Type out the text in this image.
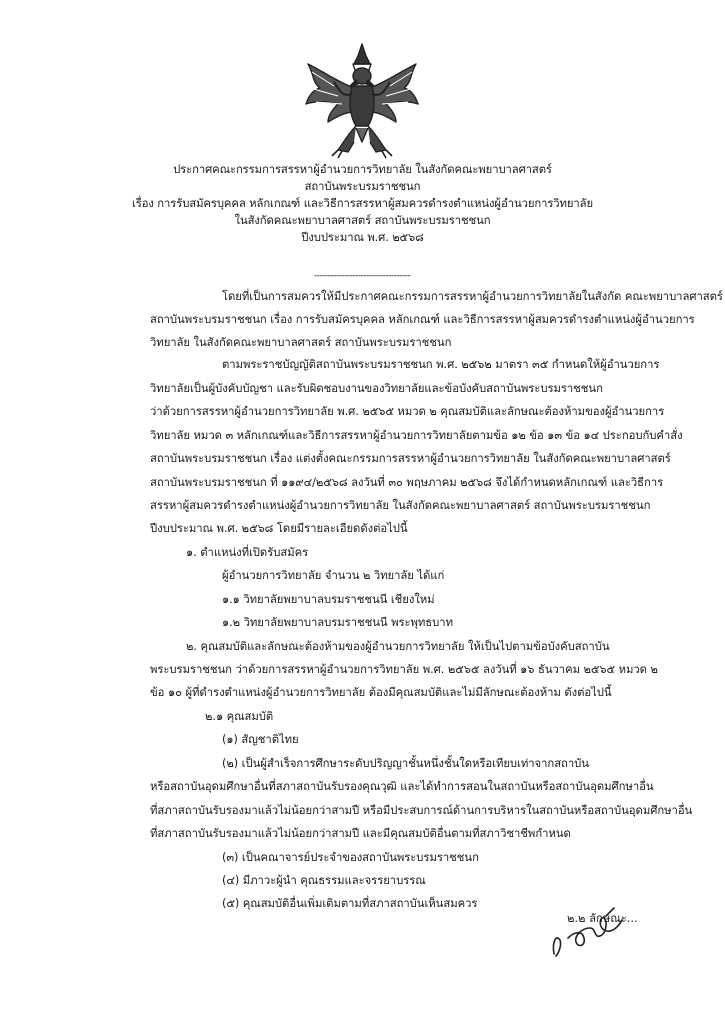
ประกาศคณะกรรมการสรรหาผู้อำนวยการวิทยาลัย ในสังกัดคณะพยาบาลศาสตร์
สถาบันพระบรมราชชนก
เรื่อง การรับสมัครบุคคล หลักเกณฑ์ และวิธีการสรรหาผู้สมควรดำรงตำแหน่งผู้อำนวยการวิทยาลัย
ในสังกัดคณะพยาบาลศาสตร์ สถาบันพระบรมราชชนก
ปีงบประมาณ พ.ศ. ๒๕๖๘
-----------------------------------
โดยที่เป็นการสมควรให้มีประกาศคณะกรรมการสรรหาผู้อำนวยการวิทยาลัยในสังกัด คณะพยาบาลศาสตร์
สถาบันพระบรมราชชนก เรื่อง การรับสมัครบุคคล หลักเกณฑ์ และวิธีการสรรหาผู้สมควรดำรงตำแหน่งผู้อำนวยการ
วิทยาลัย ในสังกัดคณะพยาบาลศาสตร์ สถาบันพระบรมราชชนก
ตามพระราชบัญญัติสถาบันพระบรมราชชนก พ.ศ. ๒๕๖๒ มาตรา ๓๕ กำหนดให้ผู้อำนวยการ
วิทยาลัยเป็นผู้บังคับบัญชา และรับผิดชอบงานของวิทยาลัยและข้อบังคับสถาบันพระบรมราชชนก
ว่าด้วยการสรรหาผู้อำนวยการวิทยาลัย พ.ศ. ๒๕๖๕ หมวด ๒ คุณสมบัติและลักษณะต้องห้ามของผู้อำนวยการ
วิทยาลัย หมวด ๓ หลักเกณฑ์และวิธีการสรรหาผู้อำนวยการวิทยาลัยตามข้อ ๑๒ ข้อ ๑๓ ข้อ ๑๔ ประกอบกับคำสั่ง
สถาบันพระบรมราชชนก เรื่อง แต่งตั้งคณะกรรมการสรรหาผู้อำนวยการวิทยาลัย ในสังกัดคณะพยาบาลศาสตร์
สถาบันพระบรมราชชนก ที่ ๑๑๙๔/๒๕๖๘ ลงวันที่ ๓๐ พฤษภาคม ๒๕๖๘ จึงได้กำหนดหลักเกณฑ์ และวิธีการ
สรรหาผู้สมควรดำรงตำแหน่งผู้อำนวยการวิทยาลัย ในสังกัดคณะพยาบาลศาสตร์ สถาบันพระบรมราชชนก
ปีงบประมาณ พ.ศ. ๒๕๖๘ โดยมีรายละเอียดดังต่อไปนี้
๑. ตำแหน่งที่เปิดรับสมัคร
ผู้อำนวยการวิทยาลัย จำนวน ๒ วิทยาลัย ได้แก่
๑.๑ วิทยาลัยพยาบาลบรมราชชนนี เชียงใหม่
๑.๒ วิทยาลัยพยาบาลบรมราชชนนี พระพุทธบาท
๒. คุณสมบัติและลักษณะต้องห้ามของผู้อำนวยการวิทยาลัย ให้เป็นไปตามข้อบังคับสถาบัน
พระบรมราชชนก ว่าด้วยการสรรหาผู้อำนวยการวิทยาลัย พ.ศ. ๒๕๖๕ ลงวันที่ ๑๖ ธันวาคม ๒๕๖๕ หมวด ๒
ข้อ ๑๐ ผู้ที่ดำรงตำแหน่งผู้อำนวยการวิทยาลัย ต้องมีคุณสมบัติและไม่มีลักษณะต้องห้าม ดังต่อไปนี้
๒.๑ คุณสมบัติ
(๑) สัญชาติไทย
(๒) เป็นผู้สำเร็จการศึกษาระดับปริญญาชั้นหนึ่งชั้นใดหรือเทียบเท่าจากสถาบัน
หรือสถาบันอุดมศึกษาอื่นที่สภาสถาบันรับรองคุณวุฒิ และได้ทำการสอนในสถาบันหรือสถาบันอุดมศึกษาอื่น
ที่สภาสถาบันรับรองมาแล้วไม่น้อยกว่าสามปี หรือมีประสบการณ์ด้านการบริหารในสถาบันหรือสถาบันอุดมศึกษาอื่น
ที่สภาสถาบันรับรองมาแล้วไม่น้อยกว่าสามปี และมีคุณสมบัติอื่นตามที่สภาวิชาชีพกำหนด
(๓) เป็นคณาจารย์ประจำของสถาบันพระบรมราชชนก
(๔) มีภาวะผู้นำ คุณธรรมและจรรยาบรรณ
(๕) คุณสมบัติอื่นเพิ่มเติมตามที่สภาสถาบันเห็นสมควร
๒.๒ ลักษณะ...
